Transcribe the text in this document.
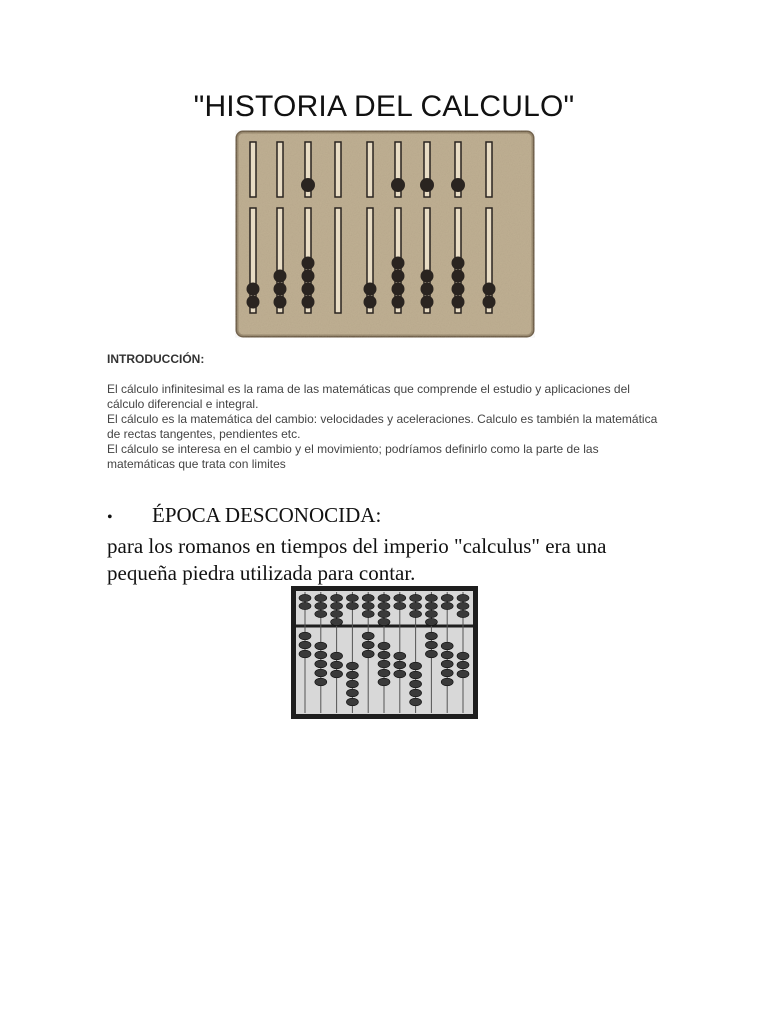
"HISTORIA DEL CALCULO"
INTRODUCCIÓN:

El cálculo infinitesimal es la rama de las matemáticas que comprende el estudio y aplicaciones del cálculo diferencial e integral.

El cálculo es la matemática del cambio: velocidades y aceleraciones. Calculo es también la matemática de rectas tangentes, pendientes etc.

El cálculo se interesa en el cambio y el movimiento; podríamos definirlo como la parte de las matemáticas que trata con limites

•	ÉPOCA DESCONOCIDA:
para los romanos en tiempos del imperio "calculus" era una pequeña piedra utilizada para contar.
